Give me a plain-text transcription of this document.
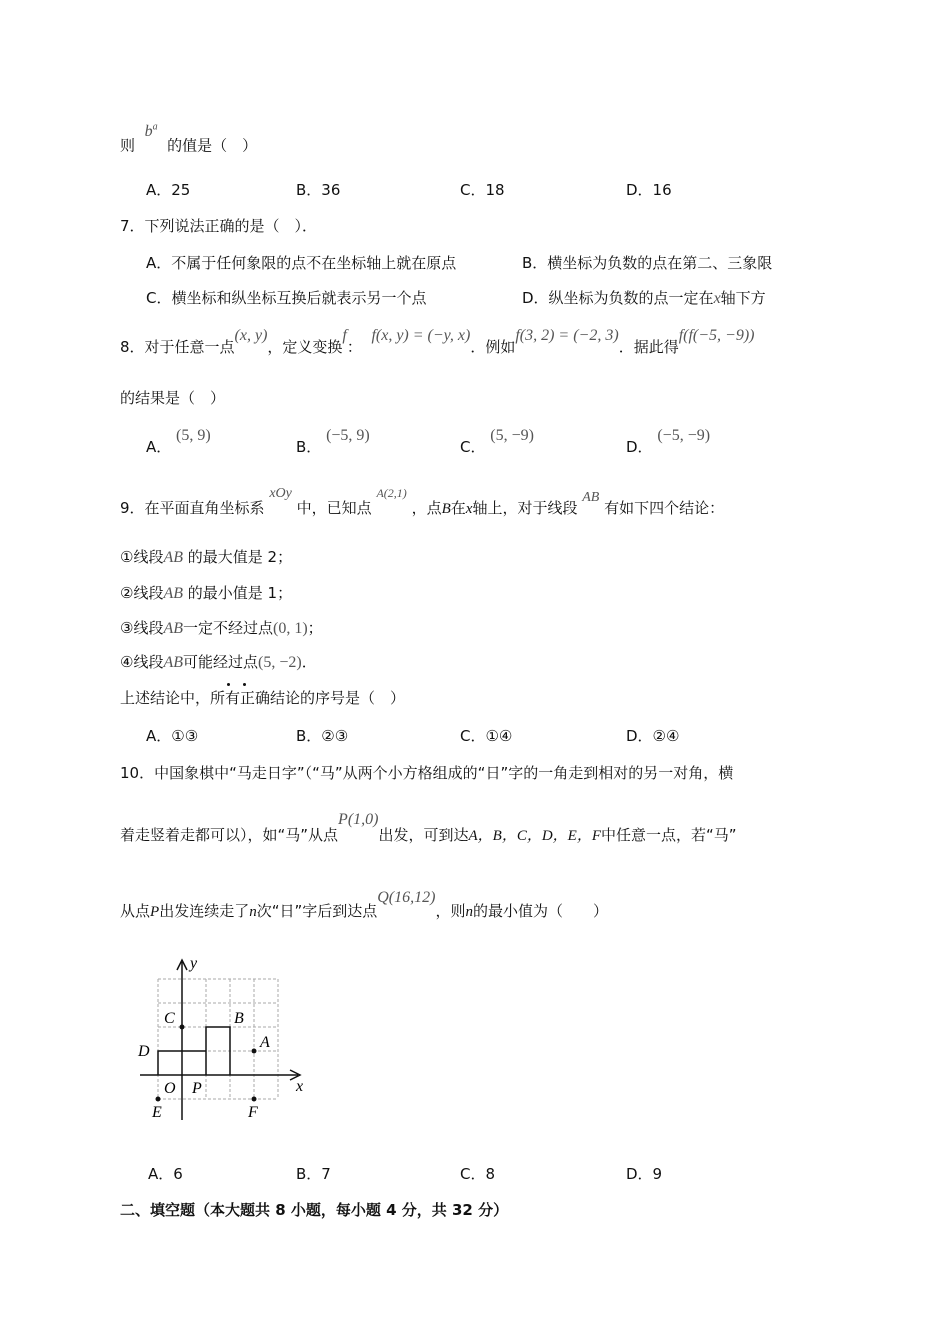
则  $b^a$  的值是（　）
A．25	B．36	C．18	D．16
7．下列说法正确的是（　）．
A．不属于任何象限的点不在坐标轴上就在原点	B．横坐标为负数的点在第二、三象限
C．横坐标和纵坐标互换后就表示另一个点	D．纵坐标为负数的点一定在x轴下方
8．对于任意一点(x, y)，定义变换f：  f(x, y) = (−y, x)．例如f(3, 2) = (−2, 3)．据此得f(f(−5, −9))
的结果是（　）
A． (5, 9)
B． (−5, 9)
C． (5, −9)
D． (−5, −9)
9．在平面直角坐标系 xOy 中，已知点 $^{A(2,1)}$ ，点B在x轴上，对于线段 AB 有如下四个结论：
①线段AB 的最大值是 2；
②线段AB 的最小值是 1；
③线段AB一定不经过点(0, 1)；
④线段AB可能经过点(5, −2)．
上述结论中，所有正确结论的序号是（　）
A．①③	B．②③	C．①④	D．②④
10．中国象棋中“马走日字”（“马”从两个小方格组成的“日”字的一角走到相对的另一对角，横
着走竖着走都可以），如“马”从点P(1,0)出发，可到达A，B，C，D，E，F中任意一点，若“马”
从点P出发连续走了n次“日”字后到达点Q(16,12)，则n的最小值为（　　）
y
x
O P
A
B
C
D
E	F
A．6	B．7	C．8	D．9
二、填空题（本大题共 8 小题，每小题 4 分，共 32 分）
